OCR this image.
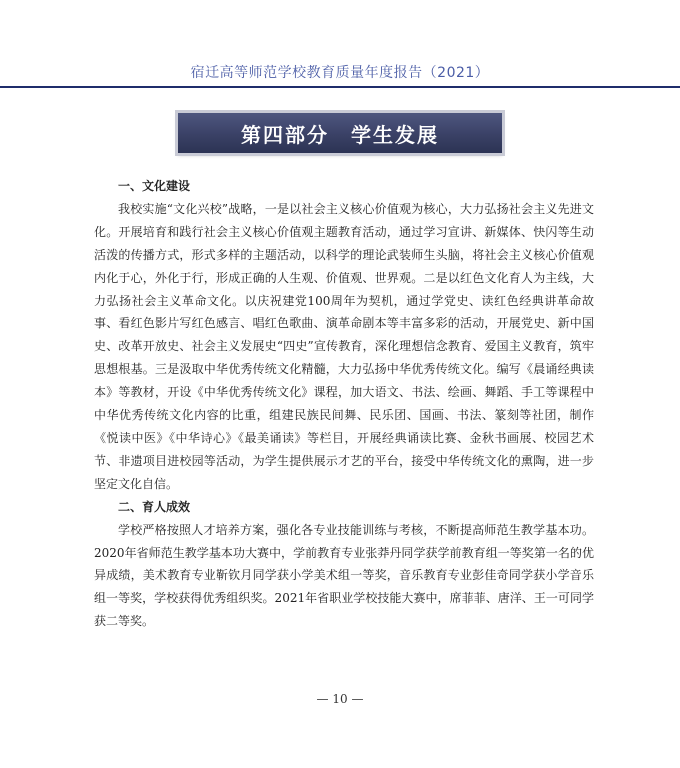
宿迁高等师范学校教育质量年度报告（2021）
第四部分　学生发展

一、文化建设

我校实施“文化兴校”战略，一是以社会主义核心价值观为核心，大力弘扬社会主义先进文化。开展培育和践行社会主义核心价值观主题教育活动，通过学习宣讲、新媒体、快闪等生动活泼的传播方式，形式多样的主题活动，以科学的理论武装师生头脑，将社会主义核心价值观内化于心，外化于行，形成正确的人生观、价值观、世界观。二是以红色文化育人为主线，大力弘扬社会主义革命文化。以庆祝建党100周年为契机，通过学党史、读红色经典讲革命故事、看红色影片写红色感言、唱红色歌曲、演革命剧本等丰富多彩的活动，开展党史、新中国史、改革开放史、社会主义发展史“四史”宣传教育，深化理想信念教育、爱国主义教育，筑牢思想根基。三是汲取中华优秀传统文化精髓，大力弘扬中华优秀传统文化。编写《晨诵经典读本》等教材，开设《中华优秀传统文化》课程，加大语文、书法、绘画、舞蹈、手工等课程中中华优秀传统文化内容的比重，组建民族民间舞、民乐团、国画、书法、篆刻等社团，制作《悦读中医》《中华诗心》《最美诵读》等栏目，开展经典诵读比赛、金秋书画展、校园艺术节、非遗项目进校园等活动，为学生提供展示才艺的平台，接受中华传统文化的熏陶，进一步坚定文化自信。

二、育人成效

学校严格按照人才培养方案，强化各专业技能训练与考核，不断提高师范生教学基本功。2020年省师范生教学基本功大赛中，学前教育专业张莽丹同学获学前教育组一等奖第一名的优异成绩，美术教育专业靳钦月同学获小学美术组一等奖，音乐教育专业彭佳奇同学获小学音乐组一等奖，学校获得优秀组织奖。2021年省职业学校技能大赛中，席菲菲、唐洋、王一可同学获二等奖。

— 10 —
